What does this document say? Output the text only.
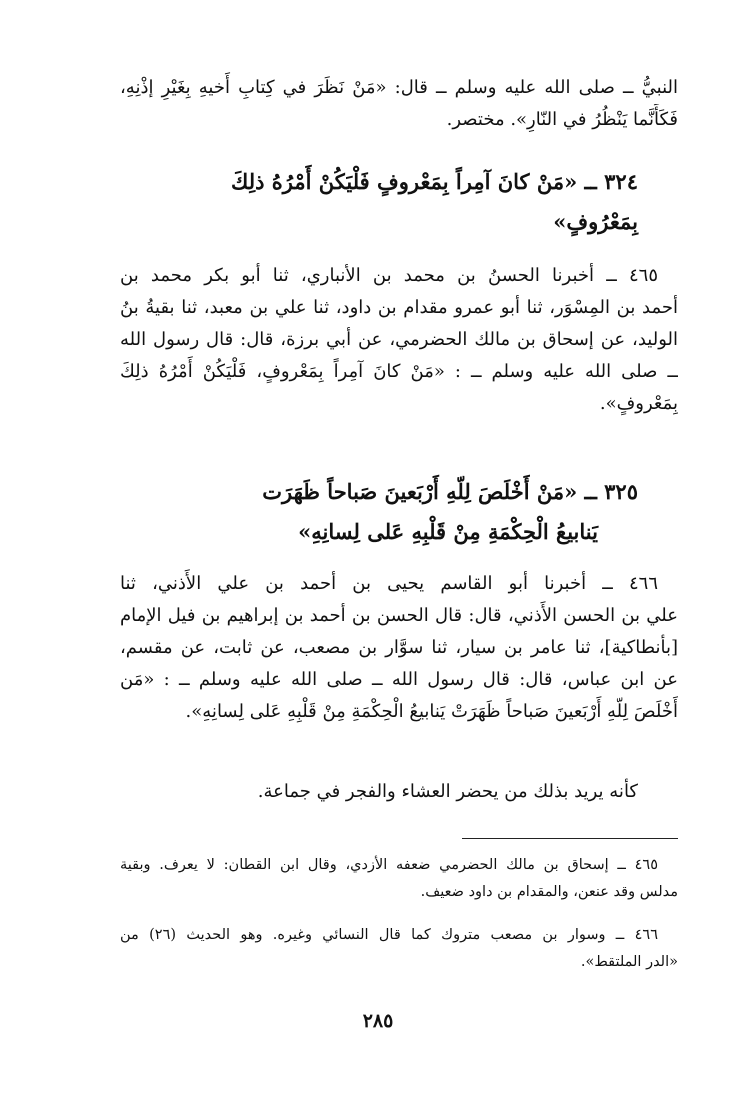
النبيُّ ــ صلى الله عليه وسلم ــ قال: «مَنْ نَظَرَ في كِتابِ أَخيهِ بِغَيْرِ إذْنِهِ،
فَكَأَنَّما يَنْظُرُ في النّارِ». مختصر.
٣٢٤ ــ «مَنْ كانَ آمِراً بِمَعْروفٍ فَلْيَكُنْ أَمْرُهُ ذلِكَ
بِمَعْرُوفٍ»
٤٦٥ ــ أخبرنا الحسنُ بن محمد بن الأنباري، ثنا أبو بكر محمد بن
أحمد بن المِسْوَر، ثنا أبو عمرو مقدام بن داود، ثنا علي بن معبد، ثنا بقيةُ بنُ
الوليد، عن إسحاق بن مالك الحضرمي، عن أبي برزة، قال: قال رسول الله
ــ صلى الله عليه وسلم ــ : «مَنْ كانَ آمِراً بِمَعْروفٍ، فَلْيَكُنْ أَمْرُهُ ذلِكَ
بِمَعْروفٍ».
٣٢٥ ــ «مَنْ أَخْلَصَ لِلّهِ أَرْبَعينَ صَباحاً ظَهَرَت
يَنابيعُ الْحِكْمَةِ مِنْ قَلْبِهِ عَلى لِسانِهِ»
٤٦٦ ــ أخبرنا أبو القاسم يحيى بن أحمد بن علي الأَذني، ثنا
علي بن الحسن الأَذني، قال: قال الحسن بن أحمد بن إبراهيم بن فيل الإمام
[بأنطاكية]، ثنا عامر بن سيار، ثنا سوَّار بن مصعب، عن ثابت، عن مقسم،
عن ابن عباس، قال: قال رسول الله ــ صلى الله عليه وسلم ــ : «مَن
أَخْلَصَ لِلّهِ أَرْبَعينَ صَباحاً ظَهَرَتْ يَنابيعُ الْحِكْمَةِ مِنْ قَلْبِهِ عَلى لِسانِهِ».
كأنه يريد بذلك من يحضر العشاء والفجر في جماعة.
٤٦٥ ــ إسحاق بن مالك الحضرمي ضعفه الأزدي، وقال ابن القطان: لا يعرف. وبقية
مدلس وقد عنعن، والمقدام بن داود ضعيف.
٤٦٦ ــ وسوار بن مصعب متروك كما قال النسائي وغيره. وهو الحديث (٢٦) من
«الدر الملتقط».
٢٨٥
